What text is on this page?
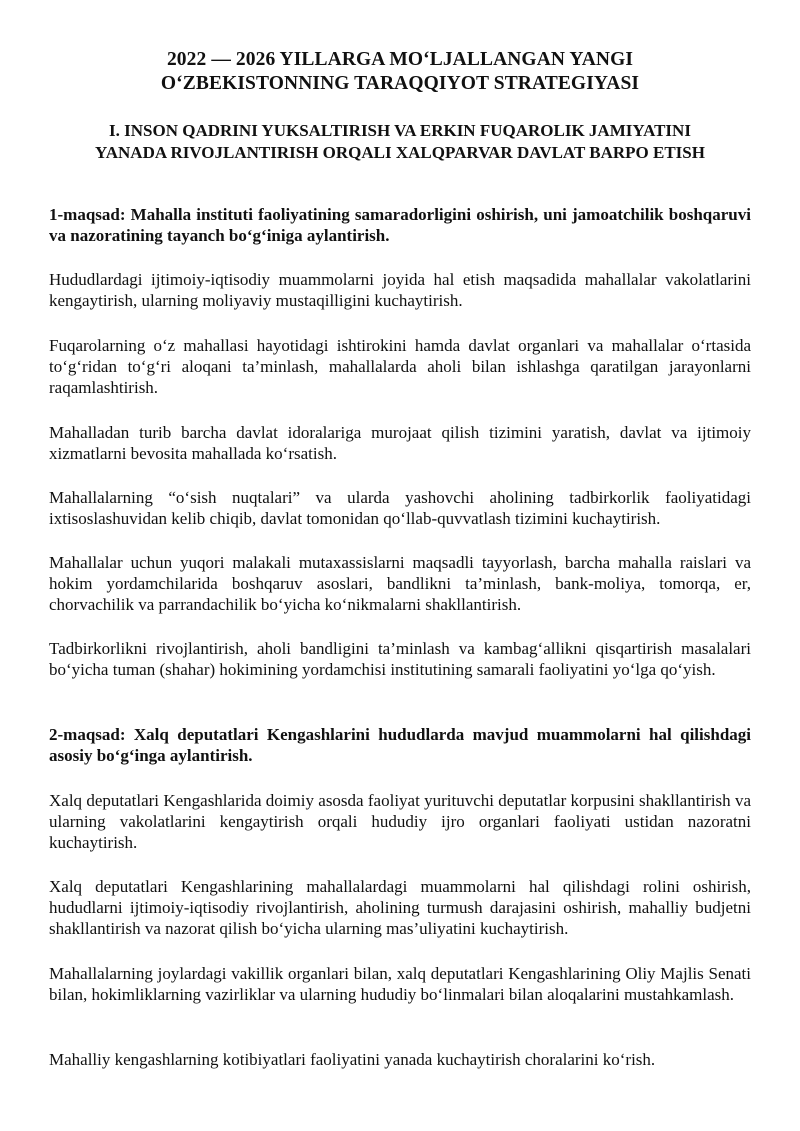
2022 — 2026 YILLARGA MO‘LJALLANGAN YANGI
O‘ZBEKISTONNING TARAQQIYOT STRATEGIYASI
I. INSON QADRINI YUKSALTIRISH VA ERKIN FUQAROLIK JAMIYATINI
YANADA RIVOJLANTIRISH ORQALI XALQPARVAR DAVLAT BARPO ETISH

1-maqsad: Mahalla instituti faoliyatining samaradorligini oshirish, uni jamoatchilik boshqaruvi va nazoratining tayanch bo‘g‘iniga aylantirish.

Hududlardagi ijtimoiy-iqtisodiy muammolarni joyida hal etish maqsadida mahallalar vakolatlarini kengaytirish, ularning moliyaviy mustaqilligini kuchaytirish.

Fuqarolarning o‘z mahallasi hayotidagi ishtirokini hamda davlat organlari va mahallalar o‘rtasida to‘g‘ridan to‘g‘ri aloqani ta’minlash, mahallalarda aholi bilan ishlashga qaratilgan jarayonlarni raqamlashtirish.

Mahalladan turib barcha davlat idoralariga murojaat qilish tizimini yaratish, davlat va ijtimoiy xizmatlarni bevosita mahallada ko‘rsatish.

Mahallalarning “o‘sish nuqtalari” va ularda yashovchi aholining tadbirkorlik faoliyatidagi ixtisoslashuvidan kelib chiqib, davlat tomonidan qo‘llab-quvvatlash tizimini kuchaytirish.

Mahallalar uchun yuqori malakali mutaxassislarni maqsadli tayyorlash, barcha mahalla raislari va hokim yordamchilarida boshqaruv asoslari, bandlikni ta’minlash, bank-moliya, tomorqa, er, chorvachilik va parrandachilik bo‘yicha ko‘nikmalarni shakllantirish.

Tadbirkorlikni rivojlantirish, aholi bandligini ta’minlash va kambag‘allikni qisqartirish masalalari bo‘yicha tuman (shahar) hokimining yordamchisi institutining samarali faoliyatini yo‘lga qo‘yish.

2-maqsad: Xalq deputatlari Kengashlarini hududlarda mavjud muammolarni hal qilishdagi asosiy bo‘g‘inga aylantirish.

Xalq deputatlari Kengashlarida doimiy asosda faoliyat yurituvchi deputatlar korpusini shakllantirish va ularning vakolatlarini kengaytirish orqali hududiy ijro organlari faoliyati ustidan nazoratni kuchaytirish.

Xalq deputatlari Kengashlarining mahallalardagi muammolarni hal qilishdagi rolini oshirish, hududlarni ijtimoiy-iqtisodiy rivojlantirish, aholining turmush darajasini oshirish, mahalliy budjetni shakllantirish va nazorat qilish bo‘yicha ularning mas’uliyatini kuchaytirish.

Mahallalarning joylardagi vakillik organlari bilan, xalq deputatlari Kengashlarining Oliy Majlis Senati bilan, hokimliklarning vazirliklar va ularning hududiy bo‘linmalari bilan aloqalarini mustahkamlash.

Mahalliy kengashlarning kotibiyatlari faoliyatini yanada kuchaytirish choralarini ko‘rish.
